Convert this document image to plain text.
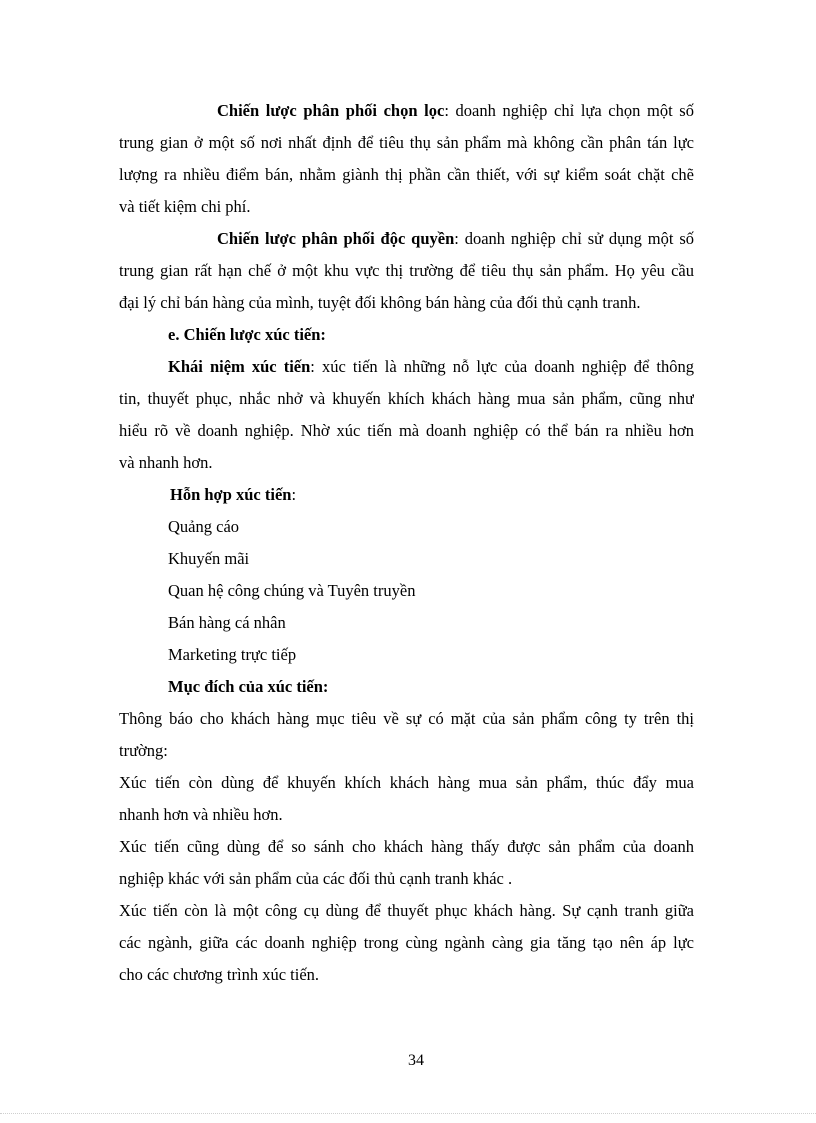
Chiến lược phân phối chọn lọc: doanh nghiệp chỉ lựa chọn một số
trung gian ở một số nơi nhất định để tiêu thụ sản phẩm mà không cần phân tán lực
lượng ra nhiều điểm bán, nhằm giành thị phần cần thiết, với sự kiểm soát chặt chẽ
và tiết kiệm chi phí.
Chiến lược phân phối độc quyền: doanh nghiệp chỉ sử dụng một số
trung gian rất hạn chế ở một khu vực thị trường để tiêu thụ sản phẩm. Họ yêu cầu
đại lý chỉ bán hàng của mình, tuyệt đối không bán hàng của đối thủ cạnh tranh.
e. Chiến lược xúc tiến:
Khái niệm xúc tiến: xúc tiến là những nỗ lực của doanh nghiệp để thông
tin, thuyết phục, nhắc nhở và khuyến khích khách hàng mua sản phẩm, cũng như
hiểu rõ về doanh nghiệp. Nhờ xúc tiến mà doanh nghiệp có thể bán ra nhiều hơn
và nhanh hơn.
Hỗn hợp xúc tiến:
Quảng cáo
Khuyến mãi
Quan hệ công chúng và Tuyên truyền
Bán hàng cá nhân
Marketing trực tiếp
Mục đích của xúc tiến:
Thông báo cho khách hàng mục tiêu về sự có mặt của sản phẩm công ty trên thị
trường:
Xúc tiến còn dùng để khuyến khích khách hàng mua sản phẩm, thúc đẩy mua
nhanh hơn và nhiều hơn.
Xúc tiến cũng dùng để so sánh cho khách hàng thấy được sản phẩm của doanh
nghiệp khác với sản phẩm của các đối thủ cạnh tranh khác .
Xúc tiến còn là một công cụ dùng để thuyết phục khách hàng. Sự cạnh tranh giữa
các ngành, giữa các doanh nghiệp trong cùng ngành càng gia tăng tạo nên áp lực
cho các chương trình xúc tiến.
34
